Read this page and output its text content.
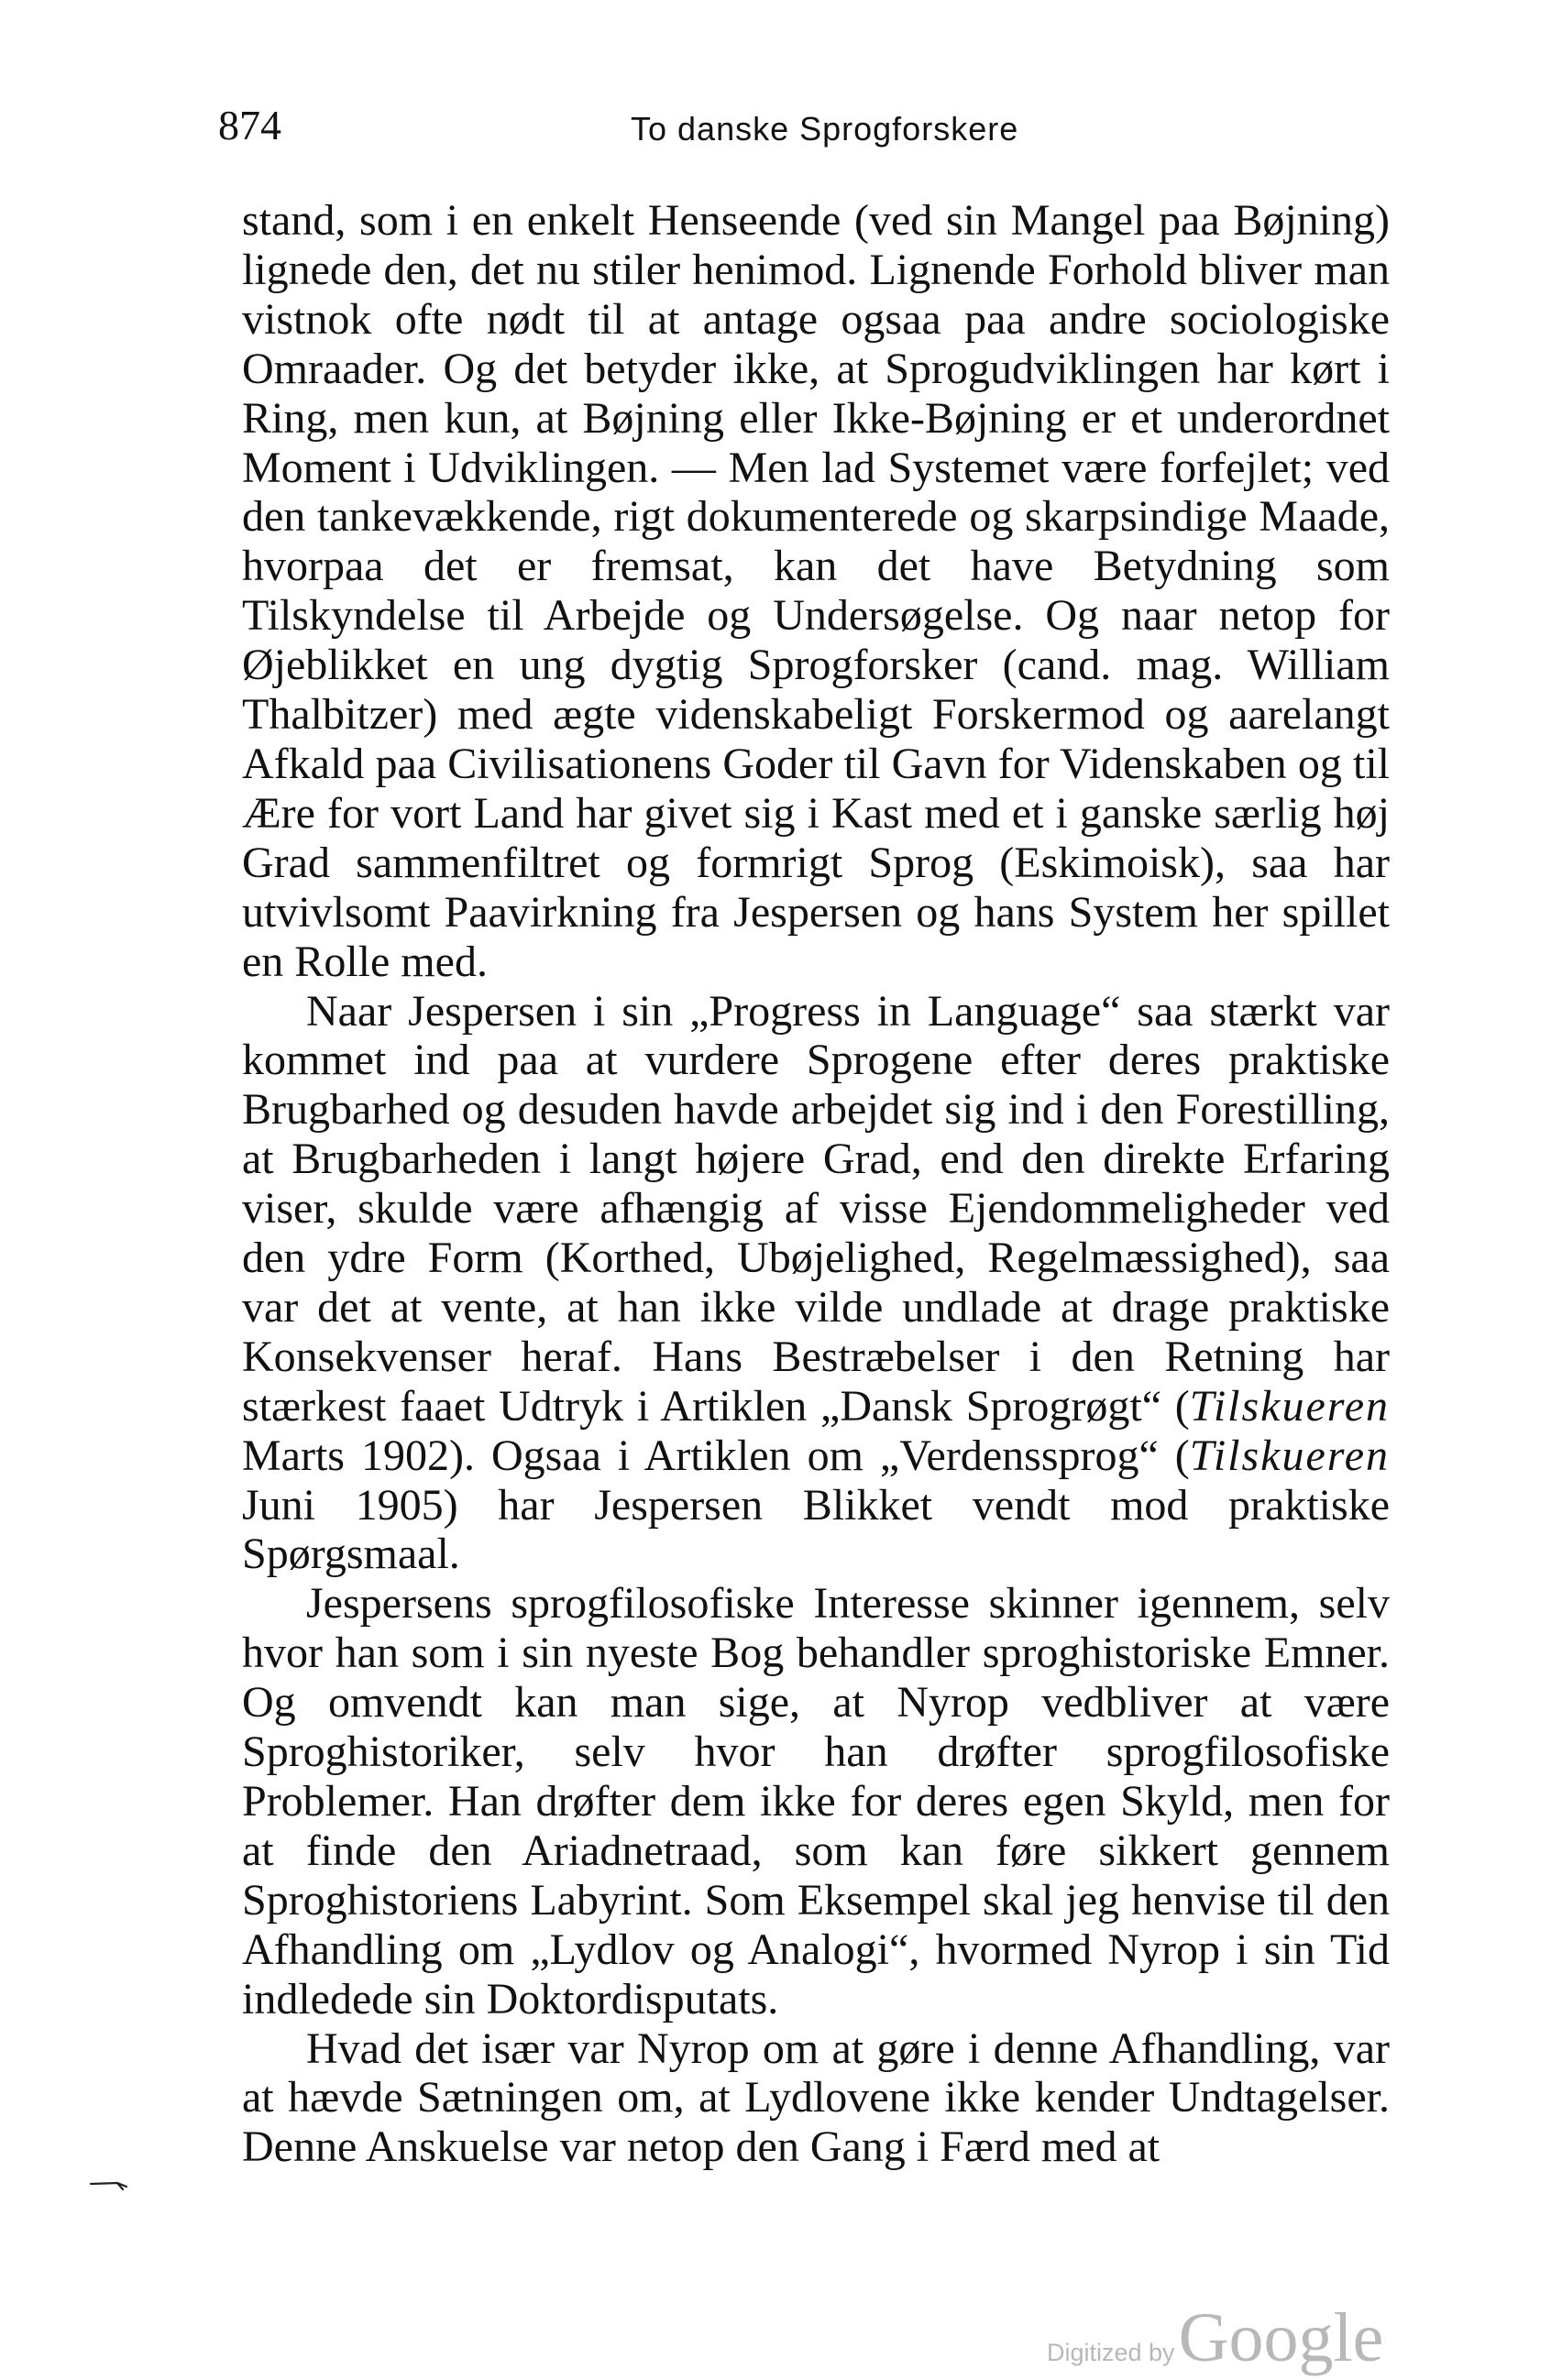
874	To danske Sprogforskere

stand, som i en enkelt Henseende (ved sin Mangel paa Bøjning) lignede den, det nu stiler henimod. Lignende Forhold bliver man vistnok ofte nødt til at antage ogsaa paa andre sociologiske Omraader. Og det betyder ikke, at Sprogudviklingen har kørt i Ring, men kun, at Bøjning eller Ikke-Bøjning er et underordnet Moment i Udviklingen. — Men lad Systemet være forfejlet; ved den tankevækkende, rigt dokumenterede og skarpsindige Maade, hvorpaa det er fremsat, kan det have Betydning som Tilskyndelse til Arbejde og Undersøgelse. Og naar netop for Øjeblikket en ung dygtig Sprogforsker (cand. mag. William Thalbitzer) med ægte videnskabeligt Forskermod og aarelangt Afkald paa Civilisationens Goder til Gavn for Videnskaben og til Ære for vort Land har givet sig i Kast med et i ganske særlig høj Grad sammenfiltret og formrigt Sprog (Eskimoisk), saa har utvivlsomt Paavirkning fra Jespersen og hans System her spillet en Rolle med.

Naar Jespersen i sin „Progress in Language“ saa stærkt var kommet ind paa at vurdere Sprogene efter deres praktiske Brugbarhed og desuden havde arbejdet sig ind i den Forestilling, at Brugbarheden i langt højere Grad, end den direkte Erfaring viser, skulde være afhængig af visse Ejendommeligheder ved den ydre Form (Korthed, Ubøjelighed, Regelmæssighed), saa var det at vente, at han ikke vilde undlade at drage praktiske Konsekvenser heraf. Hans Bestræbelser i den Retning har stærkest faaet Udtryk i Artiklen „Dansk Sprogrøgt“ (Tilskueren Marts 1902). Ogsaa i Artiklen om „Verdenssprog“ (Tilskueren Juni 1905) har Jespersen Blikket vendt mod praktiske Spørgsmaal.

Jespersens sprogfilosofiske Interesse skinner igennem, selv hvor han som i sin nyeste Bog behandler sproghistoriske Emner. Og omvendt kan man sige, at Nyrop vedbliver at være Sproghistoriker, selv hvor han drøfter sprogfilosofiske Problemer. Han drøfter dem ikke for deres egen Skyld, men for at finde den Ariadnetraad, som kan føre sikkert gennem Sproghistoriens Labyrint. Som Eksempel skal jeg henvise til den Afhandling om „Lydlov og Analogi“, hvormed Nyrop i sin Tid indledede sin Doktordisputats.

Hvad det især var Nyrop om at gøre i denne Afhandling, var at hævde Sætningen om, at Lydlovene ikke kender Undtagelser. Denne Anskuelse var netop den Gang i Færd med at

Digitized byGoogle
